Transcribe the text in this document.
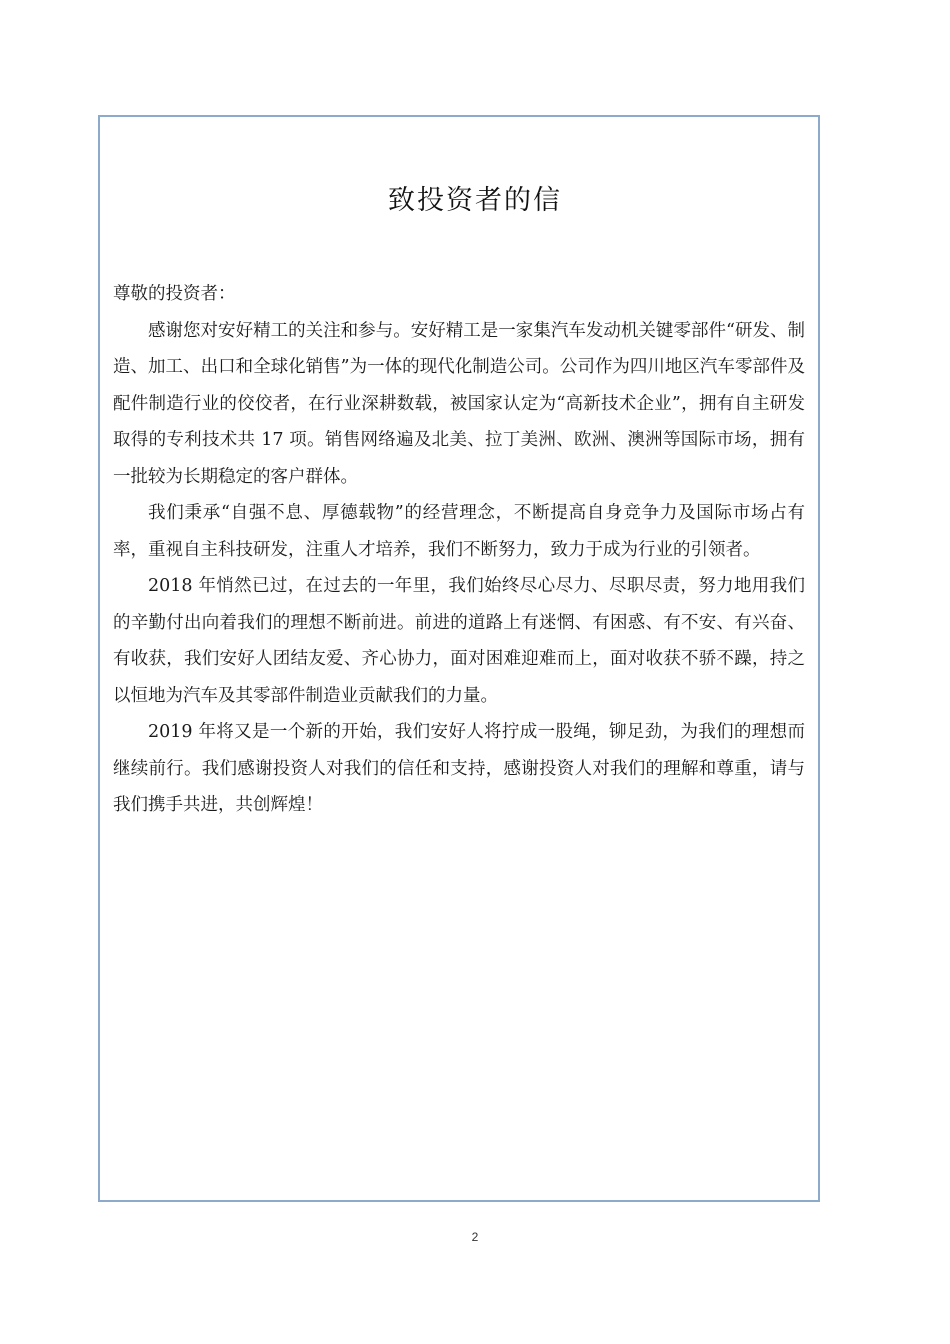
致投资者的信

尊敬的投资者：

感谢您对安好精工的关注和参与。安好精工是一家集汽车发动机关键零部件“研发、制造、加工、出口和全球化销售”为一体的现代化制造公司。公司作为四川地区汽车零部件及配件制造行业的佼佼者，在行业深耕数载，被国家认定为“高新技术企业”，拥有自主研发取得的专利技术共 17 项。销售网络遍及北美、拉丁美洲、欧洲、澳洲等国际市场，拥有一批较为长期稳定的客户群体。

我们秉承“自强不息、厚德载物”的经营理念，不断提高自身竞争力及国际市场占有率，重视自主科技研发，注重人才培养，我们不断努力，致力于成为行业的引领者。

2018 年悄然已过，在过去的一年里，我们始终尽心尽力、尽职尽责，努力地用我们的辛勤付出向着我们的理想不断前进。前进的道路上有迷惘、有困惑、有不安、有兴奋、有收获，我们安好人团结友爱、齐心协力，面对困难迎难而上，面对收获不骄不躁，持之以恒地为汽车及其零部件制造业贡献我们的力量。

2019 年将又是一个新的开始，我们安好人将拧成一股绳，铆足劲，为我们的理想而继续前行。我们感谢投资人对我们的信任和支持，感谢投资人对我们的理解和尊重，请与我们携手共进，共创辉煌！

2
